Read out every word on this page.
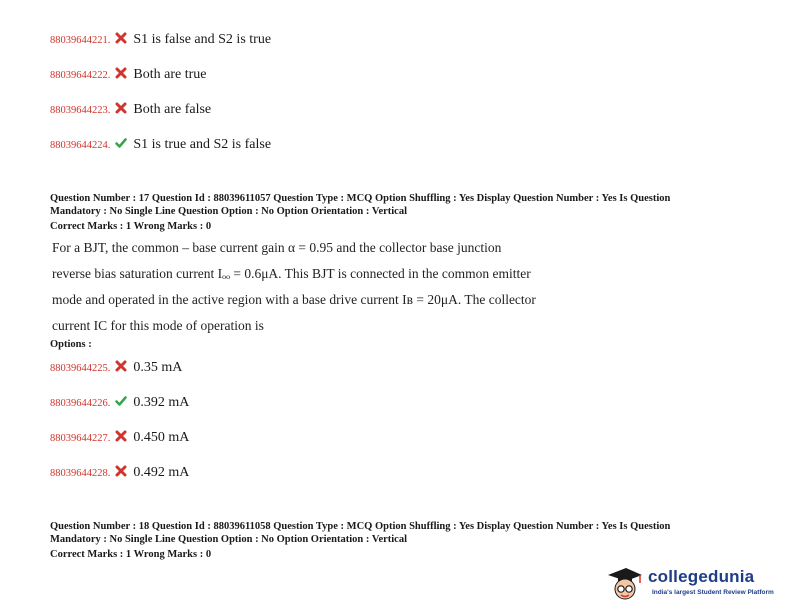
88039644221. S1 is false and S2 is true
88039644222. Both are true
88039644223. Both are false
88039644224. S1 is true and S2 is false
Question Number : 17 Question Id : 88039611057 Question Type : MCQ Option Shuffling : Yes Display Question Number : Yes Is Question
Mandatory : No Single Line Question Option : No Option Orientation : Vertical
Correct Marks : 1 Wrong Marks : 0
For a BJT, the common – base current gain α = 0.95 and the collector base junction
reverse bias saturation current Iₒₒ = 0.6μA. This BJT is connected in the common emitter
mode and operated in the active region with a base drive current Iʙ = 20μA. The collector
current IC for this mode of operation is
Options :
88039644225. 0.35 mA
88039644226. 0.392 mA
88039644227. 0.450 mA
88039644228. 0.492 mA
Question Number : 18 Question Id : 88039611058 Question Type : MCQ Option Shuffling : Yes Display Question Number : Yes Is Question
Mandatory : No Single Line Question Option : No Option Orientation : Vertical
Correct Marks : 1 Wrong Marks : 0
collegedunia
India's largest Student Review Platform
